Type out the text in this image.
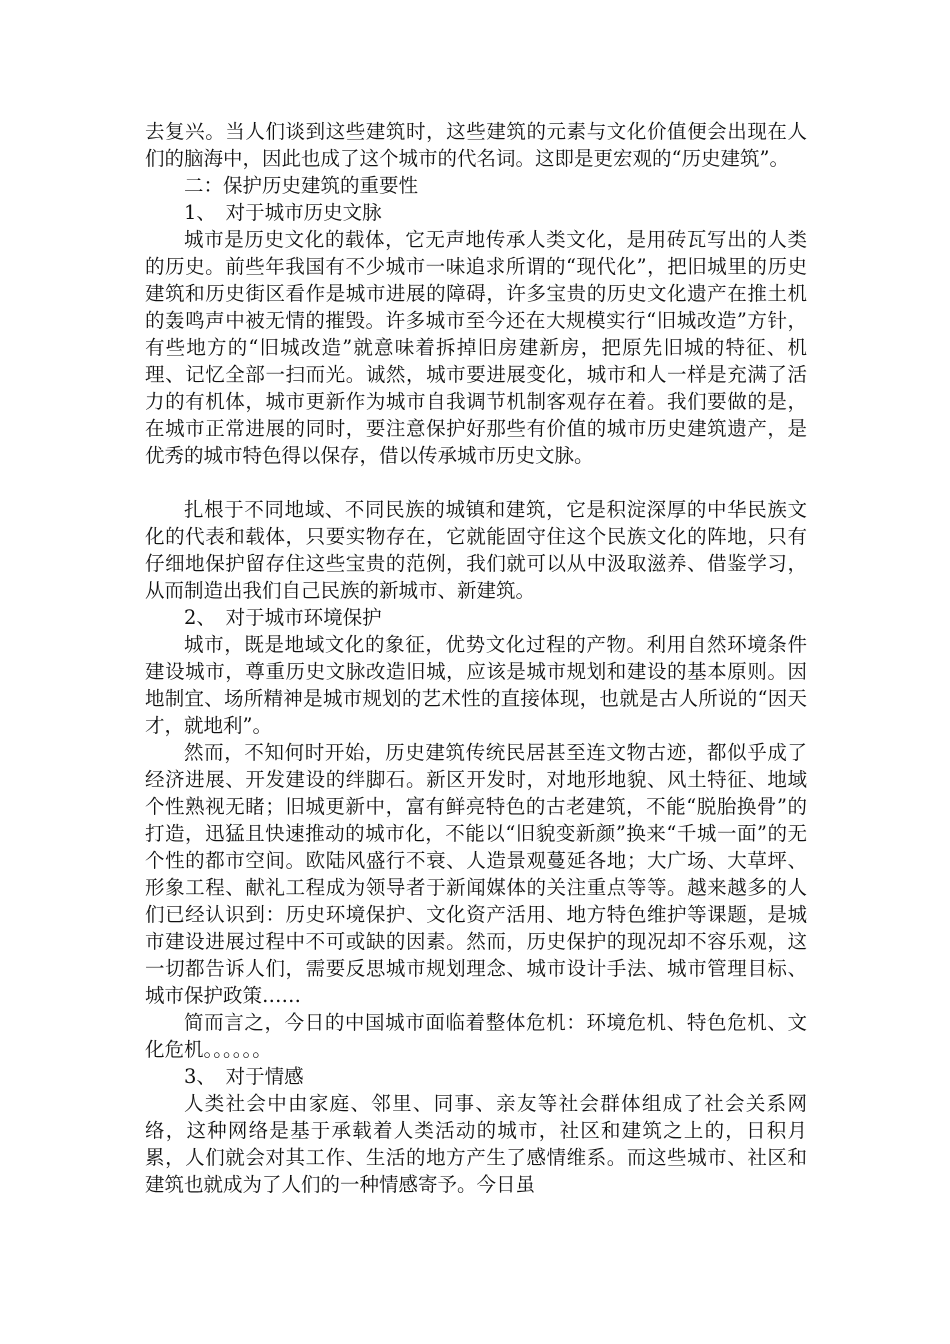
去复兴。当人们谈到这些建筑时，这些建筑的元素与文化价值便会出现在人们的脑海中，因此也成了这个城市的代名词。这即是更宏观的“历史建筑”。

二：保护历史建筑的重要性

1、　对于城市历史文脉

城市是历史文化的载体，它无声地传承人类文化，是用砖瓦写出的人类的历史。前些年我国有不少城市一味追求所谓的“现代化”，把旧城里的历史建筑和历史街区看作是城市进展的障碍，许多宝贵的历史文化遗产在推土机的轰鸣声中被无情的摧毁。许多城市至今还在大规模实行“旧城改造”方针，有些地方的“旧城改造”就意味着拆掉旧房建新房，把原先旧城的特征、机理、记忆全部一扫而光。诚然，城市要进展变化，城市和人一样是充满了活力的有机体，城市更新作为城市自我调节机制客观存在着。我们要做的是，在城市正常进展的同时，要注意保护好那些有价值的城市历史建筑遗产，是优秀的城市特色得以保存，借以传承城市历史文脉。

扎根于不同地域、不同民族的城镇和建筑，它是积淀深厚的中华民族文化的代表和载体，只要实物存在，它就能固守住这个民族文化的阵地，只有仔细地保护留存住这些宝贵的范例，我们就可以从中汲取滋养、借鉴学习，从而制造出我们自己民族的新城市、新建筑。

2、　对于城市环境保护

城市，既是地域文化的象征，优势文化过程的产物。利用自然环境条件建设城市，尊重历史文脉改造旧城，应该是城市规划和建设的基本原则。因地制宜、场所精神是城市规划的艺术性的直接体现，也就是古人所说的“因天才，就地利”。

然而，不知何时开始，历史建筑传统民居甚至连文物古迹，都似乎成了经济进展、开发建设的绊脚石。新区开发时，对地形地貌、风土特征、地域个性熟视无睹；旧城更新中，富有鲜亮特色的古老建筑，不能“脱胎换骨”的打造，迅猛且快速推动的城市化，不能以“旧貌变新颜”换来“千城一面”的无个性的都市空间。欧陆风盛行不衰、人造景观蔓延各地；大广场、大草坪、形象工程、献礼工程成为领导者于新闻媒体的关注重点等等。越来越多的人们已经认识到：历史环境保护、文化资产活用、地方特色维护等课题，是城市建设进展过程中不可或缺的因素。然而，历史保护的现况却不容乐观，这一切都告诉人们，需要反思城市规划理念、城市设计手法、城市管理目标、城市保护政策……

简而言之，今日的中国城市面临着整体危机：环境危机、特色危机、文化危机。。。。。。

3、　对于情感

人类社会中由家庭、邻里、同事、亲友等社会群体组成了社会关系网络，这种网络是基于承载着人类活动的城市，社区和建筑之上的，日积月累，人们就会对其工作、生活的地方产生了感情维系。而这些城市、社区和建筑也就成为了人们的一种情感寄予。今日虽
